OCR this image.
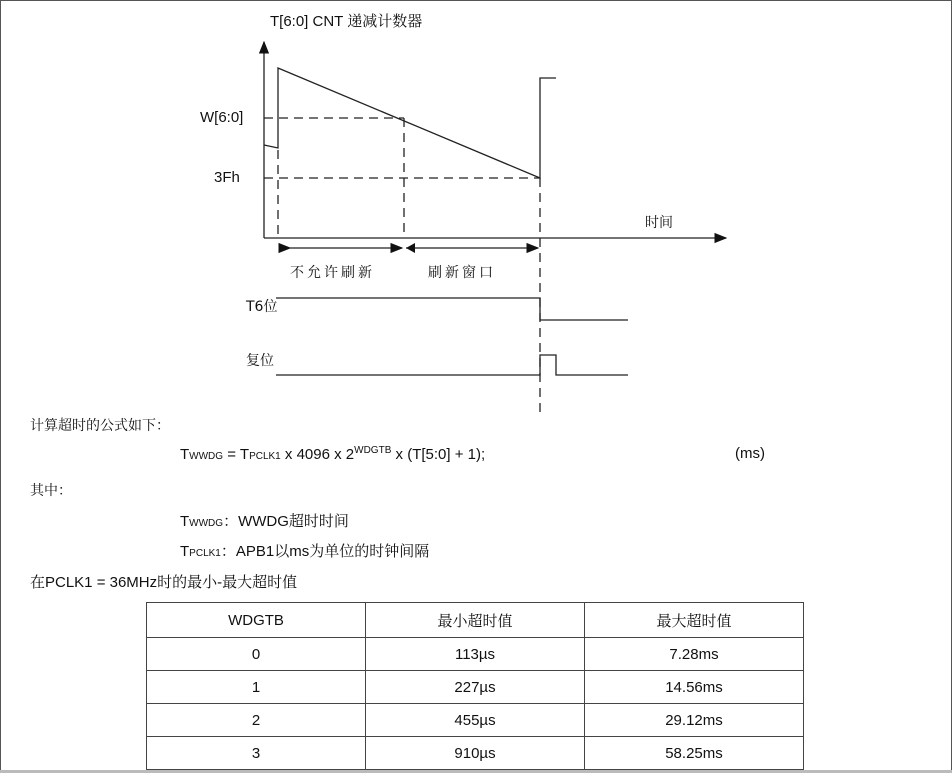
T[6:0] CNT 递减计数器
W[6:0]
3Fh
时间
不允许刷新	刷新窗口
T6位
复位
计算超时的公式如下：
TWWDG = TPCLK1 x 4096 x $2^{WDGTB}$ x (T[5:0] + 1);	(ms)
其中：
TWWDG：WWDG超时时间
TPCLK1：APB1以ms为单位的时钟间隔
在PCLK1 = 36MHz时的最小-最大超时值
WDGTB	最小超时值	最大超时值
0	113µs	7.28ms
1	227µs	14.56ms
2	455µs	29.12ms
3	910µs	58.25ms
